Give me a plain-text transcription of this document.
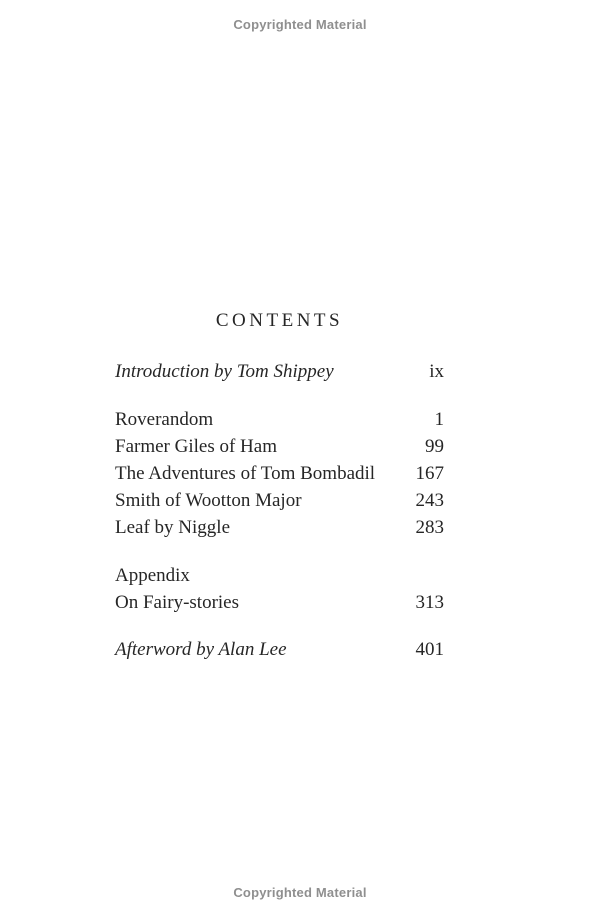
Copyrighted Material
CONTENTS
Introduction by Tom Shippey	ix
Roverandom	1
Farmer Giles of Ham	99
The Adventures of Tom Bombadil 167
Smith of Wootton Major	243
Leaf by Niggle	283
Appendix
On Fairy-stories	313
Afterword by Alan Lee	401
Copyrighted Material
